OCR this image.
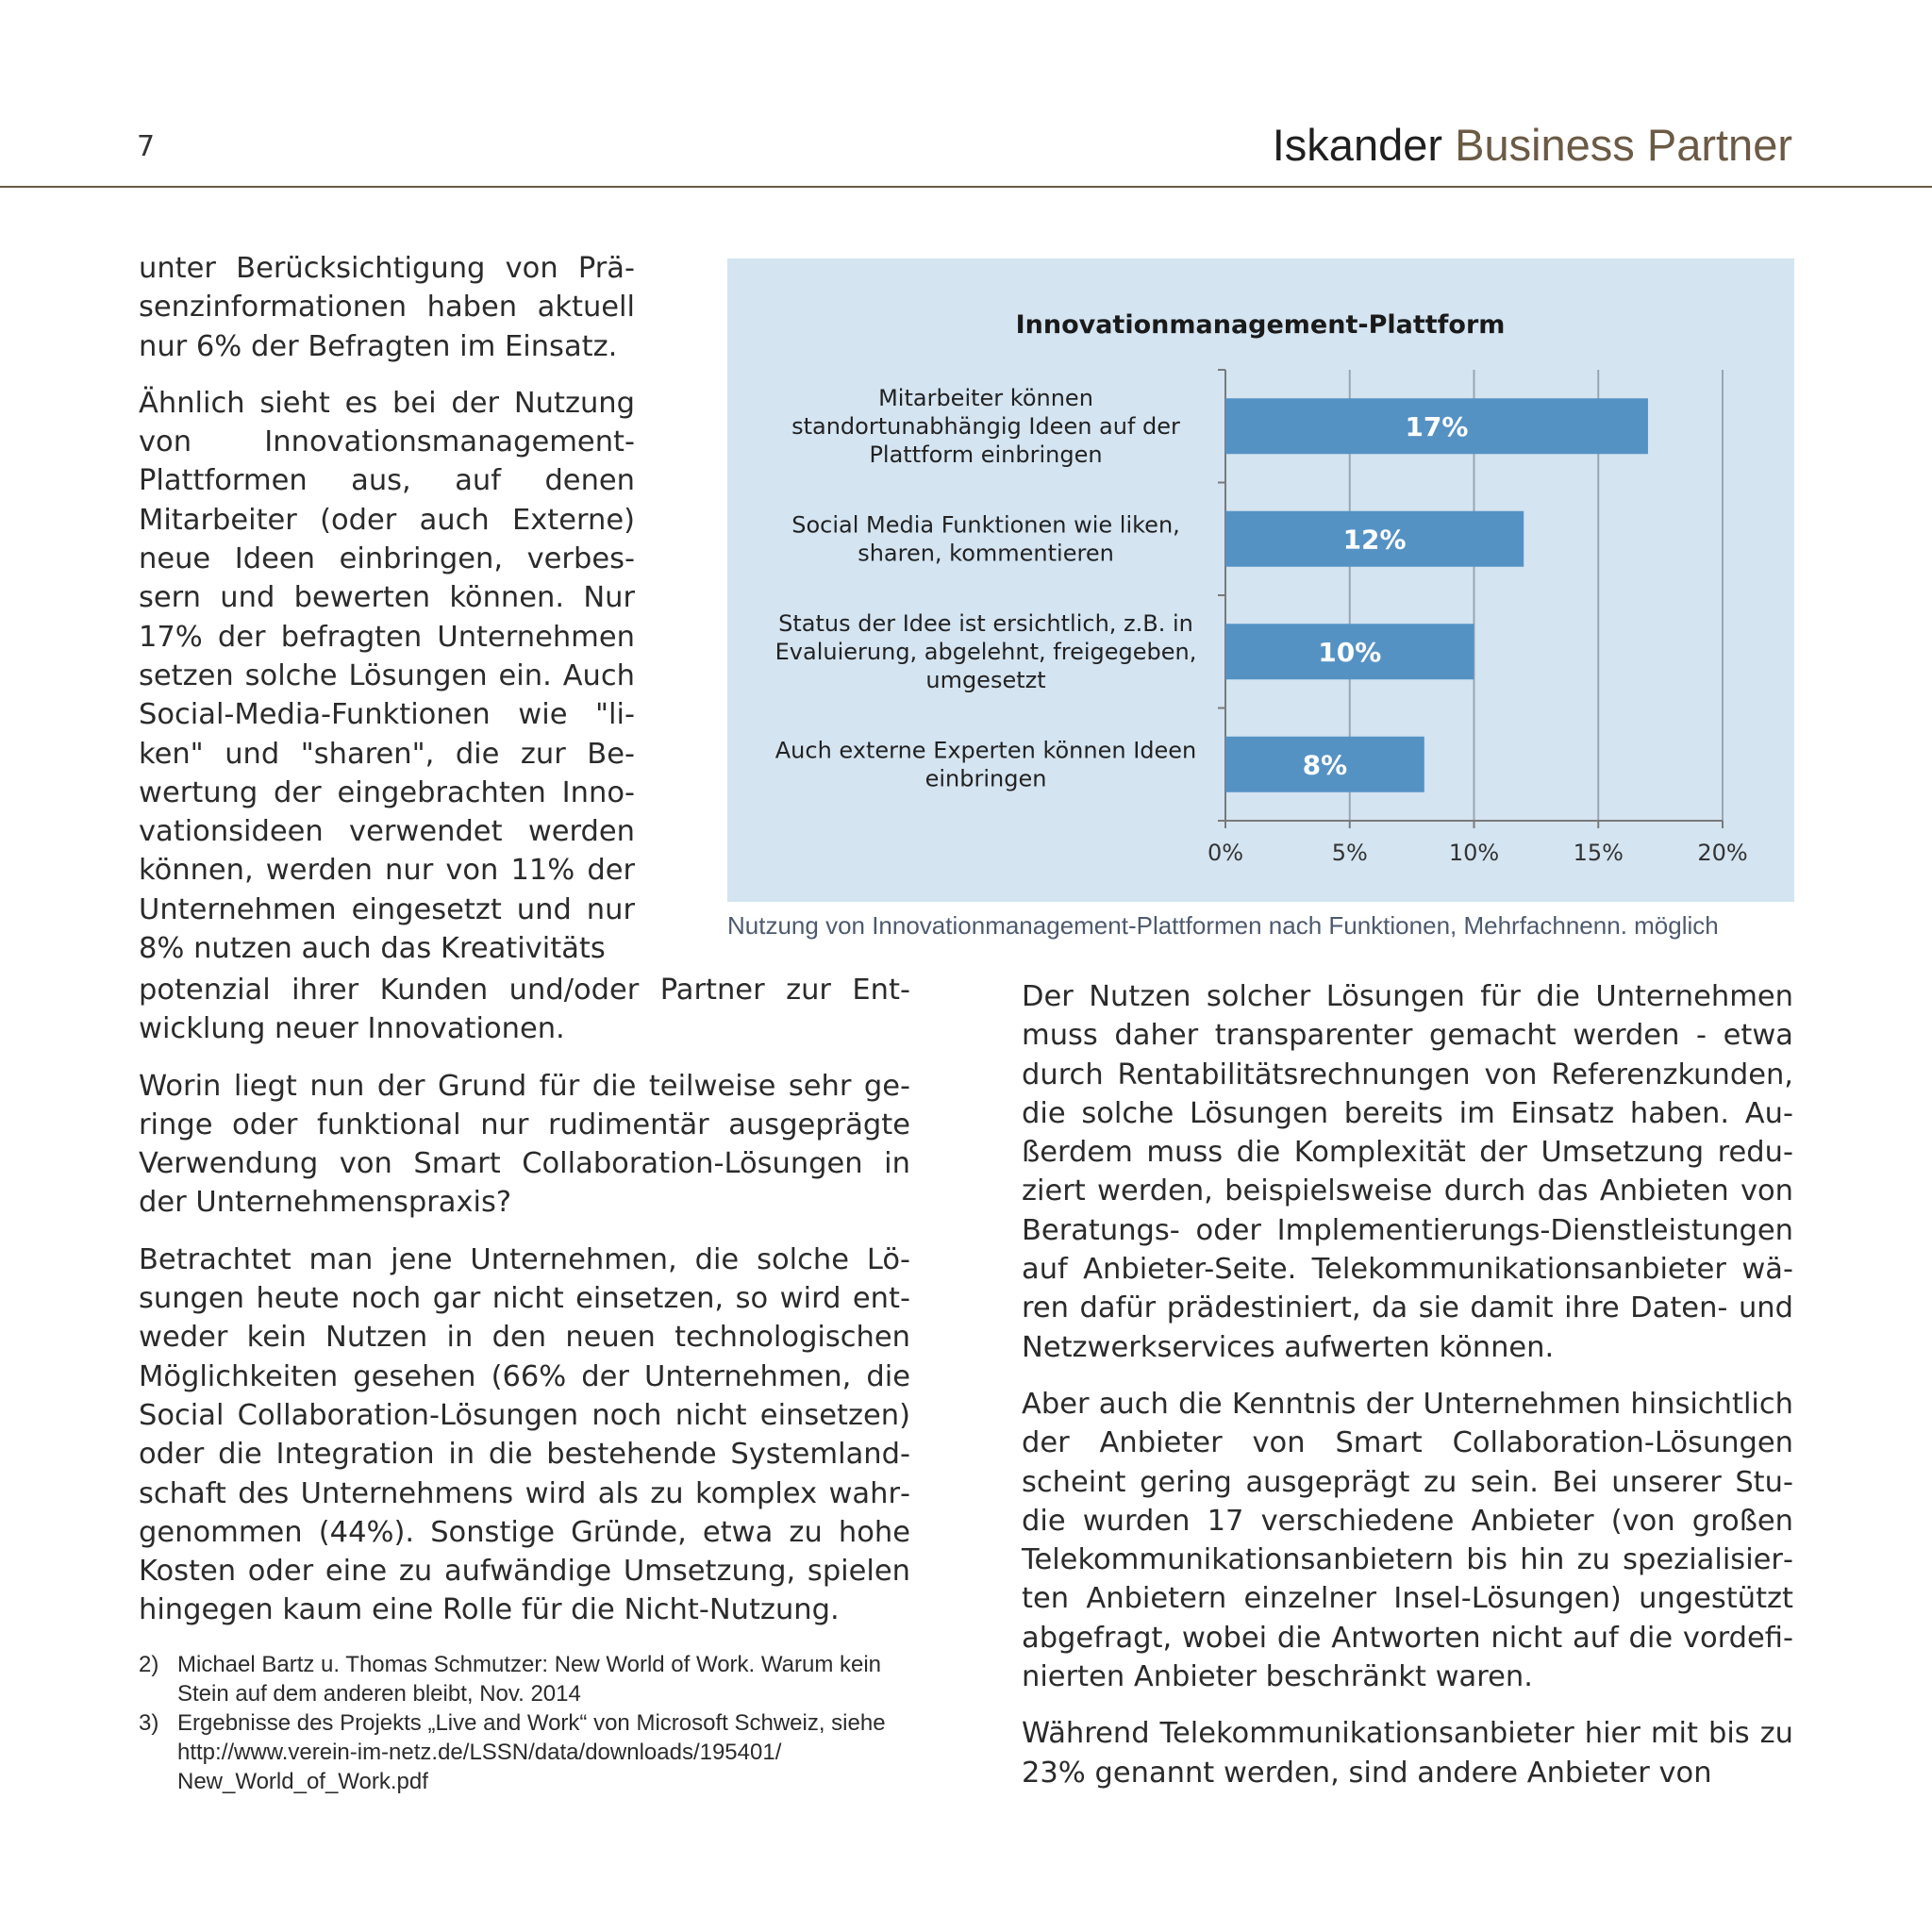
7	Iskander Business Partner

unter Berücksichtigung von Präsenzinformationen haben aktuell nur 6% der Befragten im Einsatz.

Ähnlich sieht es bei der Nutzung von Innovationsmanagement-Plattformen aus, auf denen Mitarbeiter (oder auch Externe) neue Ideen einbringen, verbessern und bewerten können. Nur 17% der befragten Unternehmen setzen solche Lösungen ein. Auch Social-Media-Funktionen wie "liken" und "sharen", die zur Bewertung der eingebrachten Innovationsideen verwendet werden können, werden nur von 11% der Unternehmen eingesetzt und nur 8% nutzen auch das Kreativitäts

potenzial ihrer Kunden und/oder Partner zur Entwicklung neuer Innovationen.

Worin liegt nun der Grund für die teilweise sehr geringe oder funktional nur rudimentär ausgeprägte Verwendung von Smart Collaboration-Lösungen in der Unternehmenspraxis?

Betrachtet man jene Unternehmen, die solche Lösungen heute noch gar nicht einsetzen, so wird entweder kein Nutzen in den neuen technologischen Möglichkeiten gesehen (66% der Unternehmen, die Social Collaboration-Lösungen noch nicht einsetzen) oder die Integration in die bestehende Systemlandschaft des Unternehmens wird als zu komplex wahrgenommen (44%). Sonstige Gründe, etwa zu hohe Kosten oder eine zu aufwändige Umsetzung, spielen hingegen kaum eine Rolle für die Nicht-Nutzung.

Der Nutzen solcher Lösungen für die Unternehmen muss daher transparenter gemacht werden - etwa durch Rentabilitätsrechnungen von Referenzkunden, die solche Lösungen bereits im Einsatz haben. Außerdem muss die Komplexität der Umsetzung reduziert werden, beispielsweise durch das Anbieten von Beratungs- oder Implementierungs-Dienstleistungen auf Anbieter-Seite. Telekommunikationsanbieter wären dafür prädestiniert, da sie damit ihre Daten- und Netzwerkservices aufwerten können.

Aber auch die Kenntnis der Unternehmen hinsichtlich der Anbieter von Smart Collaboration-Lösungen scheint gering ausgeprägt zu sein. Bei unserer Studie wurden 17 verschiedene Anbieter (von großen Telekommunikationsanbietern bis hin zu spezialisierten Anbietern einzelner Insel-Lösungen) ungestützt abgefragt, wobei die Antworten nicht auf die vordefinierten Anbieter beschränkt waren.

Während Telekommunikationsanbieter hier mit bis zu 23% genannt werden, sind andere Anbieter von

2) Michael Bartz u. Thomas Schmutzer: New World of Work. Warum kein Stein auf dem anderen bleibt, Nov. 2014
3) Ergebnisse des Projekts „Live and Work“ von Microsoft Schweiz, siehe http://www.verein-im-netz.de/LSSN/data/downloads/195401/ New_World_of_Work.pdf
Innovationmanagement-Plattform
0%	5%	10%	15%	20%
17%
Mitarbeiter können
standortunabhängig Ideen auf der
Plattform einbringen
12%
Social Media Funktionen wie liken,
sharen, kommentieren
10%
Status der Idee ist ersichtlich, z.B. in
Evaluierung, abgelehnt, freigegeben,
umgesetzt
8%
Auch externe Experten können Ideen
einbringen
Nutzung von Innovationmanagement-Plattformen nach Funktionen, Mehrfachnenn. möglich
